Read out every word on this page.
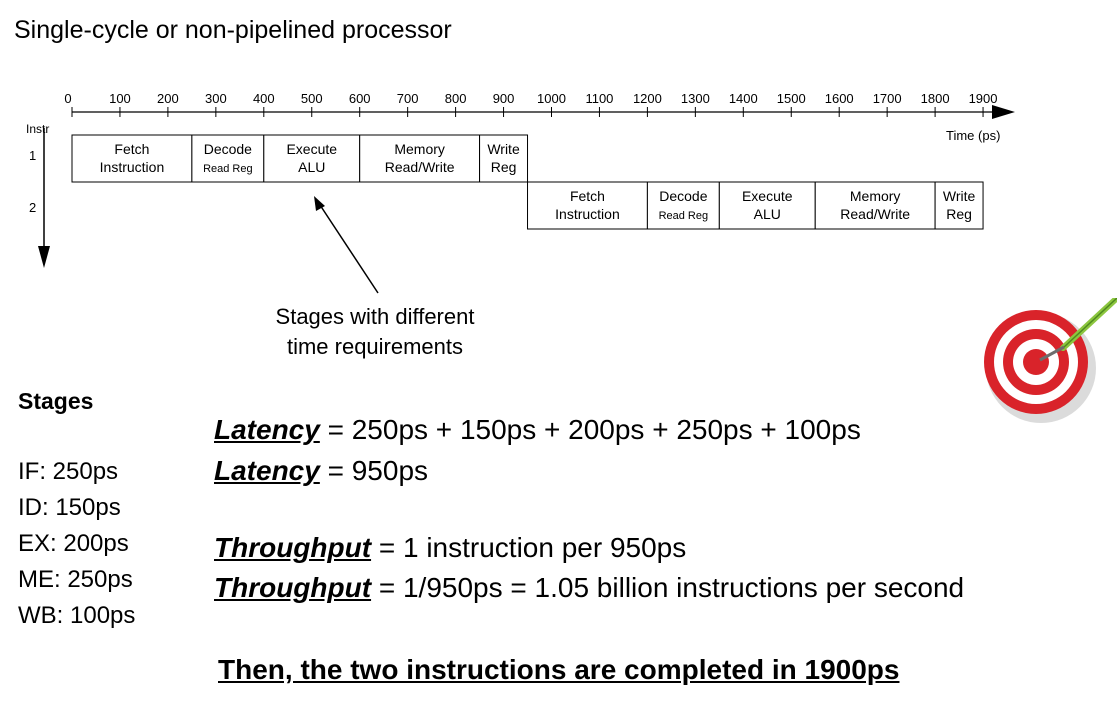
Single-cycle or non-pipelined processor
0	100 200 300 400 500 600 700 800 900 1000 1100 1200 1300 1400 1500 1600 1700 1800 1900
Fetch
Instruction
Decode
Read Reg
Execute
ALU
Memory
Read/Write
Write
Reg
Fetch
Instruction
Decode
Read Reg
Execute
ALU
Memory
Read/Write
Write
Reg
Instr	Time (ps)
1
2
Stages with different
time requirements
Stages
IF: 250ps
ID: 150ps
EX: 200ps
ME: 250ps
WB: 100ps
Latency = 250ps + 150ps + 200ps + 250ps + 100ps
Latency = 950ps
Throughput = 1 instruction per 950ps
Throughput = 1/950ps = 1.05 billion instructions per second
Then, the two instructions are completed in 1900ps
